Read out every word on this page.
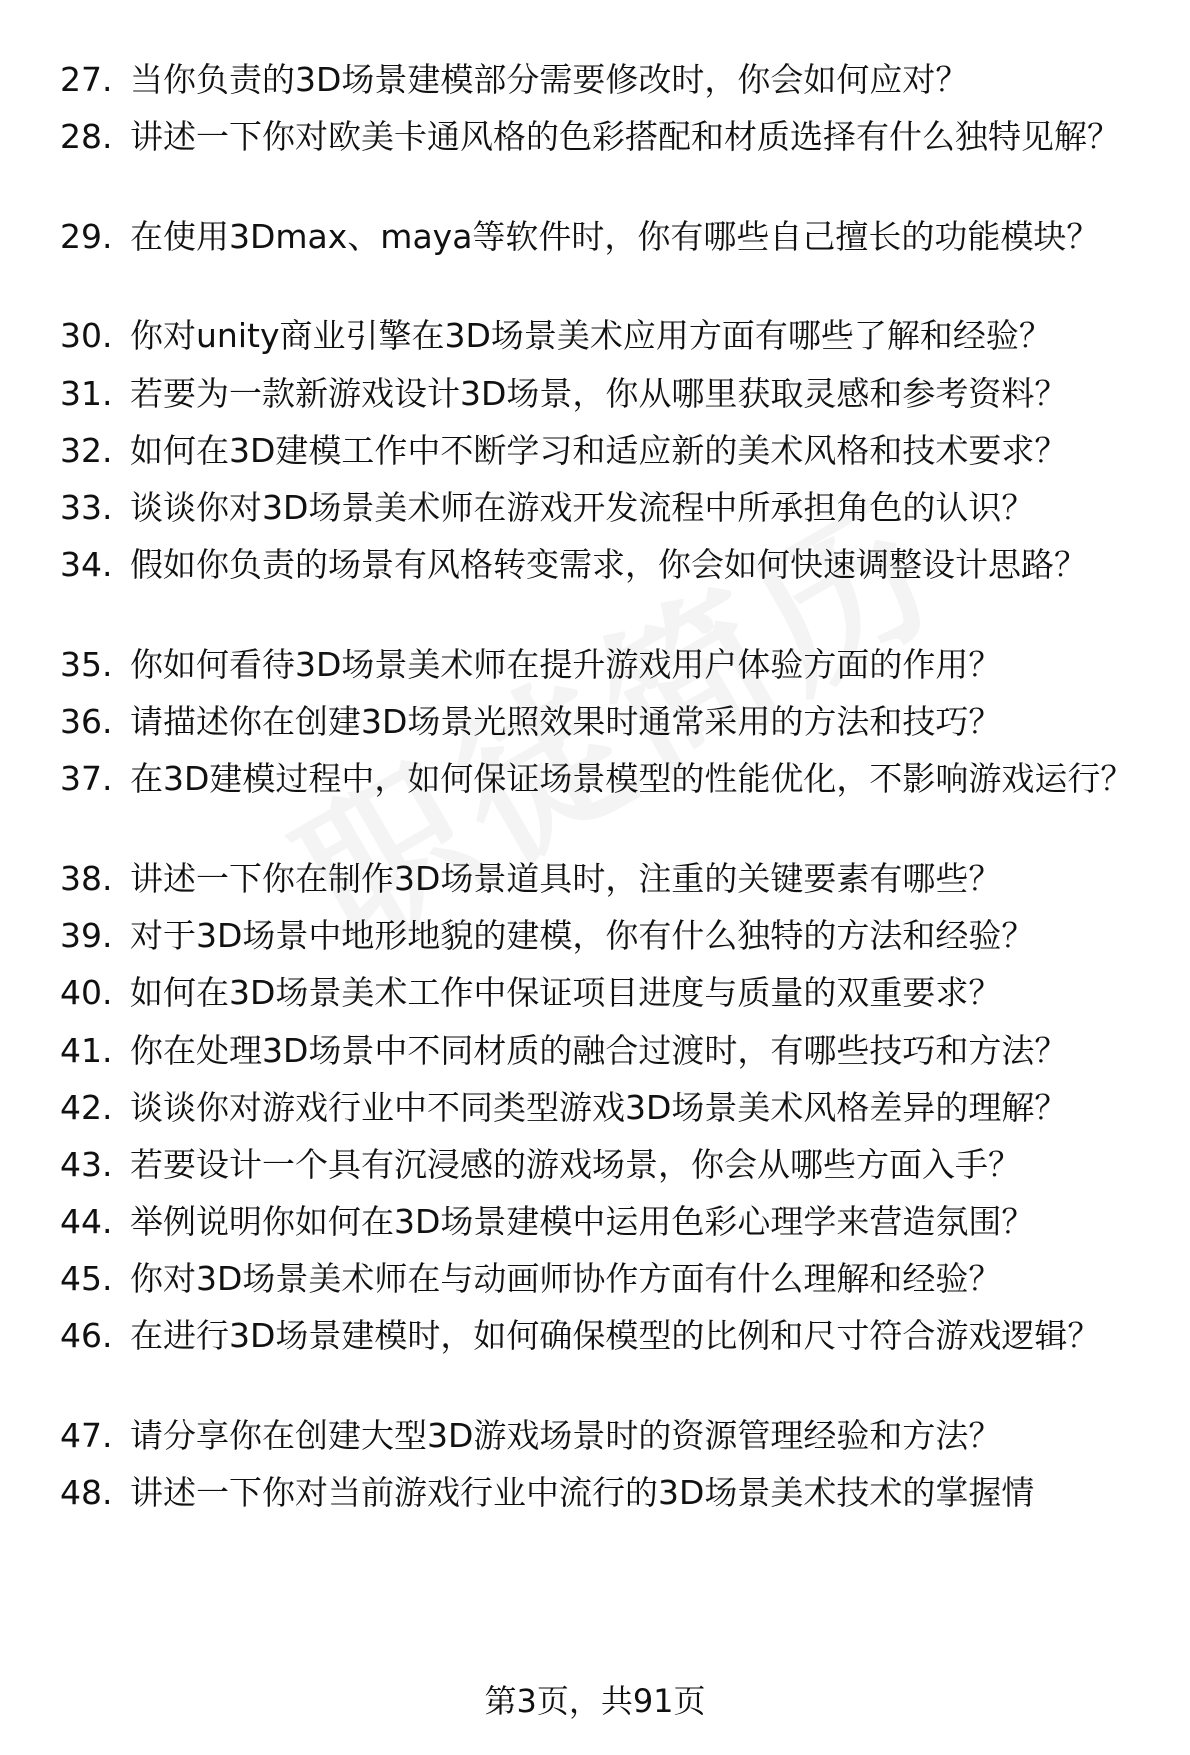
27. 当你负责的3D场景建模部分需要修改时，你会如何应对？
28. 讲述一下你对欧美卡通风格的色彩搭配和材质选择有什么独特见解？
29. 在使用3Dmax、maya等软件时，你有哪些自己擅长的功能模块？
30. 你对unity商业引擎在3D场景美术应用方面有哪些了解和经验？
31. 若要为一款新游戏设计3D场景，你从哪里获取灵感和参考资料？
32. 如何在3D建模工作中不断学习和适应新的美术风格和技术要求？
33. 谈谈你对3D场景美术师在游戏开发流程中所承担角色的认识？
34. 假如你负责的场景有风格转变需求，你会如何快速调整设计思路？
35. 你如何看待3D场景美术师在提升游戏用户体验方面的作用？
36. 请描述你在创建3D场景光照效果时通常采用的方法和技巧？
37. 在3D建模过程中，如何保证场景模型的性能优化，不影响游戏运行？
38. 讲述一下你在制作3D场景道具时，注重的关键要素有哪些？
39. 对于3D场景中地形地貌的建模，你有什么独特的方法和经验？
40. 如何在3D场景美术工作中保证项目进度与质量的双重要求？
41. 你在处理3D场景中不同材质的融合过渡时，有哪些技巧和方法？
42. 谈谈你对游戏行业中不同类型游戏3D场景美术风格差异的理解？
43. 若要设计一个具有沉浸感的游戏场景，你会从哪些方面入手？
44. 举例说明你如何在3D场景建模中运用色彩心理学来营造氛围？
45. 你对3D场景美术师在与动画师协作方面有什么理解和经验？
46. 在进行3D场景建模时，如何确保模型的比例和尺寸符合游戏逻辑？
47. 请分享你在创建大型3D游戏场景时的资源管理经验和方法？
48. 讲述一下你对当前游戏行业中流行的3D场景美术技术的掌握情
第3页，共91页
